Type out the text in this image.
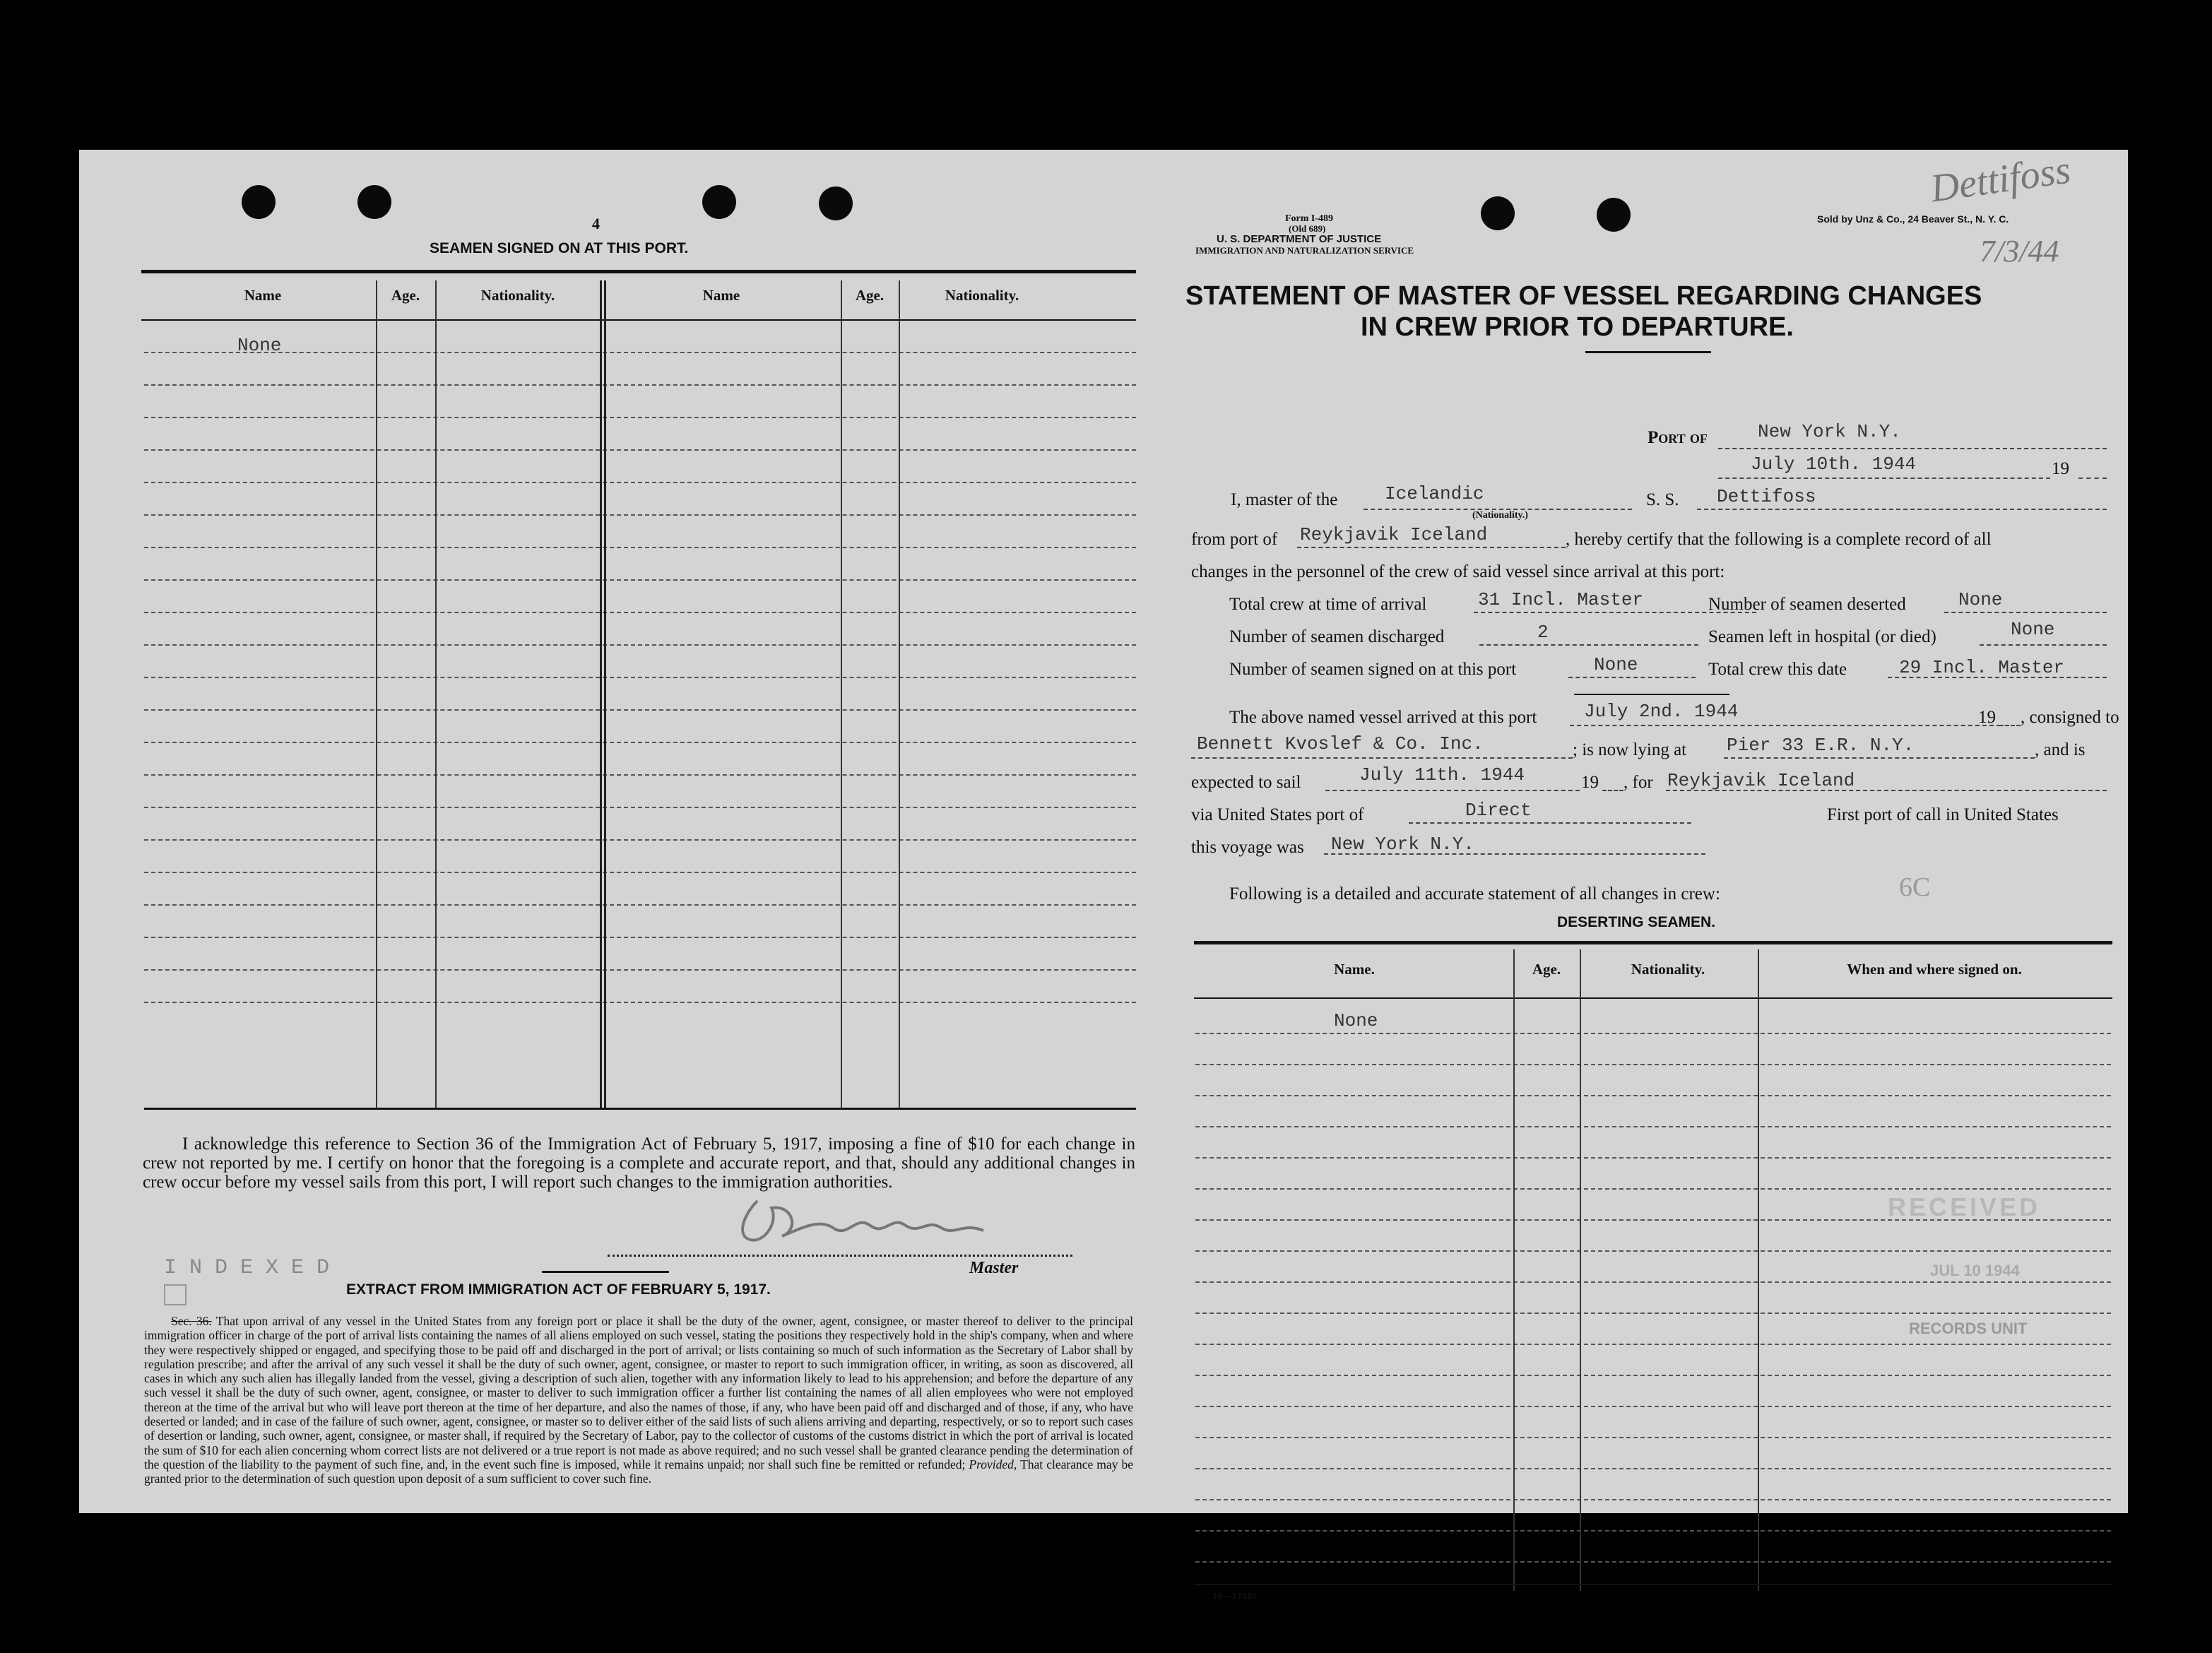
4
SEAMEN SIGNED ON AT THIS PORT.
Name	Age.	Nationality.	Name	Age.	Nationality.
None
I acknowledge this reference to Section 36 of the Immigration Act of February 5, 1917, imposing a fine of $10 for each change in crew not reported by me. I certify on honor that the foregoing is a complete and accurate report, and that, should any additional changes in crew occur before my vessel sails from this port, I will report such changes to the immigration authorities.
Master
I N D E X E D
EXTRACT FROM IMMIGRATION ACT OF FEBRUARY 5, 1917.
Sec. 36. That upon arrival of any vessel in the United States from any foreign port or place it shall be the duty of the owner, agent, consignee, or master thereof to deliver to the principal immigration officer in charge of the port of arrival lists containing the names of all aliens employed on such vessel, stating the positions they respectively hold in the ship's company, when and where they were respectively shipped or engaged, and specifying those to be paid off and discharged in the port of arrival; or lists containing so much of such information as the Secretary of Labor shall by regulation prescribe; and after the arrival of any such vessel it shall be the duty of such owner, agent, consignee, or master to report to such immigration officer, in writing, as soon as discovered, all cases in which any such alien has illegally landed from the vessel, giving a description of such alien, together with any information likely to lead to his apprehension; and before the departure of any such vessel it shall be the duty of such owner, agent, consignee, or master to deliver to such immigration officer a further list containing the names of all alien employees who were not employed thereon at the time of the arrival but who will leave port thereon at the time of her departure, and also the names of those, if any, who have been paid off and discharged and of those, if any, who have deserted or landed; and in case of the failure of such owner, agent, consignee, or master so to deliver either of the said lists of such aliens arriving and departing, respectively, or so to report such cases of desertion or landing, such owner, agent, consignee, or master shall, if required by the Secretary of Labor, pay to the collector of customs of the customs district in which the port of arrival is located the sum of $10 for each alien concerning whom correct lists are not delivered or a true report is not made as above required; and no such vessel shall be granted clearance pending the determination of the question of the liability to the payment of such fine, and, in the event such fine is imposed, while it remains unpaid; nor shall such fine be remitted or refunded; Provided, That clearance may be granted prior to the determination of such question upon deposit of a sum sufficient to cover such fine.
Form I-489
(Old 689)
U. S. DEPARTMENT OF JUSTICE
IMMIGRATION AND NATURALIZATION SERVICE
Sold by Unz & Co., 24 Beaver St., N. Y. C.
Dettifoss
7/3/44
STATEMENT OF MASTER OF VESSEL REGARDING CHANGES
IN CREW PRIOR TO DEPARTURE.
Port of	New York N.Y.
July 10th. 1944	19
I, master of the	Icelandic
(Nationality.)
S. S. Dettifoss
from port of Reykjavik Iceland	, hereby certify that the following is a complete record of all
changes in the personnel of the crew of said vessel since arrival at this port:
Total crew at time of arrival	31 Incl. Master	Number of seamen deserted	None
Number of seamen discharged	2	Seamen left in hospital (or died)	None
Number of seamen signed on at this port	None	Total crew this date	29 Incl. Master
The above named vessel arrived at this port	July 2nd. 1944	19 , consigned to
Bennett Kvoslef & Co. Inc.	; is now lying at Pier 33 E.R. N.Y.	, and is
expected to sail	July 11th. 1944	19 , for Reykjavik Iceland
via United States port of	Direct	First port of call in United States
this voyage was New York N.Y.
Following is a detailed and accurate statement of all changes in crew:	6C
DESERTING SEAMEN.
Name.	Age.	Nationality.	When and where signed on.
None
RECEIVED
JUL 10 1944
RECORDS UNIT
16—17387
